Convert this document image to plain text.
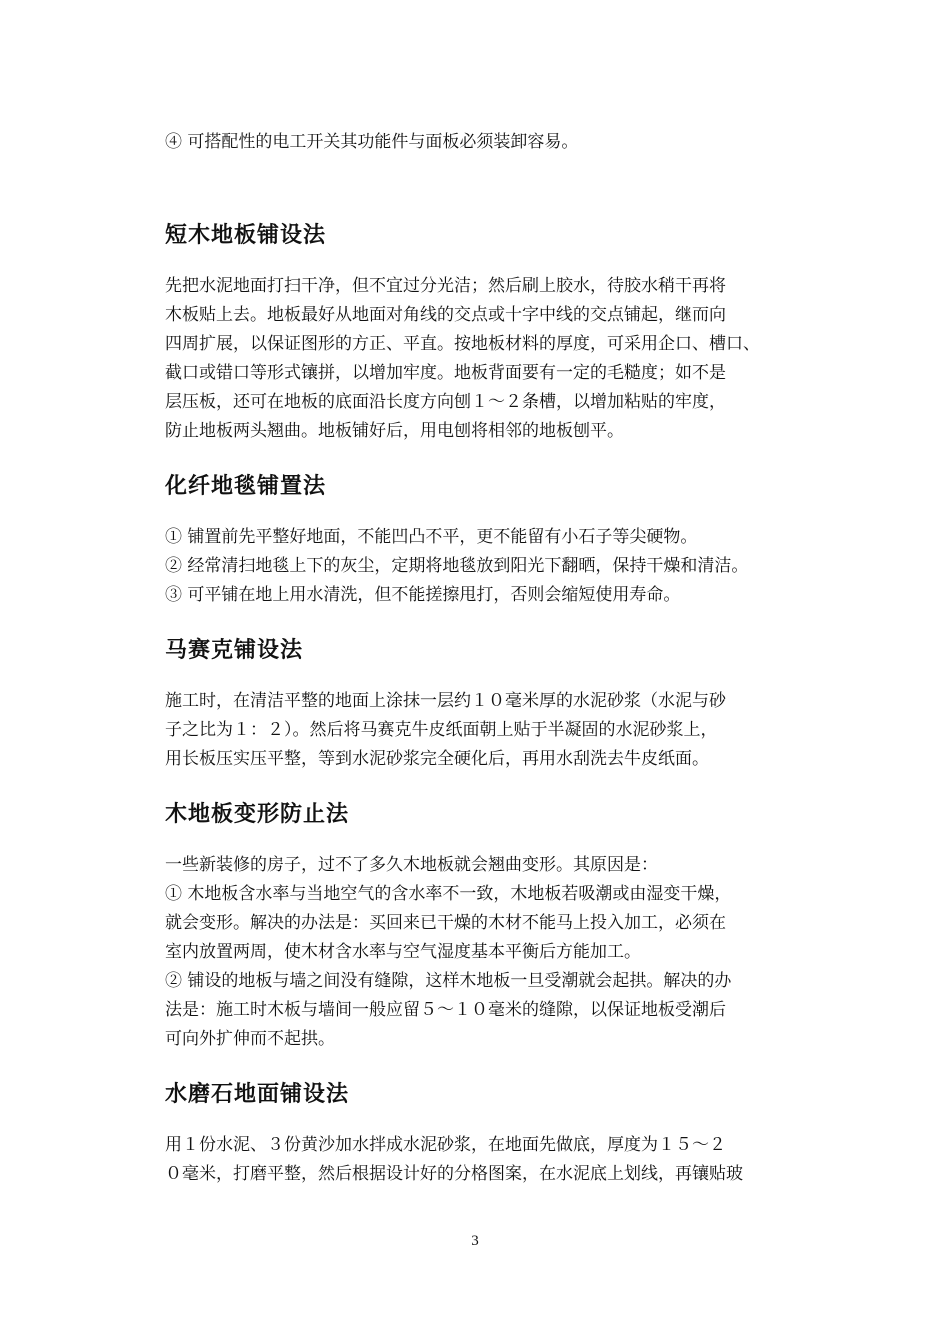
④ 可搭配性的电工开关其功能件与面板必须装卸容易。

短木地板铺设法

先把水泥地面打扫干净，但不宜过分光洁；然后刷上胶水，待胶水稍干再将
木板贴上去。地板最好从地面对角线的交点或十字中线的交点铺起，继而向
四周扩展，以保证图形的方正、平直。按地板材料的厚度，可采用企口、槽口、
截口或错口等形式镶拼，以增加牢度。地板背面要有一定的毛糙度；如不是
层压板，还可在地板的底面沿长度方向刨１～２条槽，以增加粘贴的牢度，
防止地板两头翘曲。地板铺好后，用电刨将相邻的地板刨平。

化纤地毯铺置法

① 铺置前先平整好地面，不能凹凸不平，更不能留有小石子等尖硬物。
② 经常清扫地毯上下的灰尘，定期将地毯放到阳光下翻晒，保持干燥和清洁。
③ 可平铺在地上用水清洗，但不能搓擦甩打，否则会缩短使用寿命。

马赛克铺设法

施工时，在清洁平整的地面上涂抹一层约１０毫米厚的水泥砂浆（水泥与砂
子之比为１：２）。然后将马赛克牛皮纸面朝上贴于半凝固的水泥砂浆上，
用长板压实压平整，等到水泥砂浆完全硬化后，再用水刮洗去牛皮纸面。

木地板变形防止法

一些新装修的房子，过不了多久木地板就会翘曲变形。其原因是：
① 木地板含水率与当地空气的含水率不一致，木地板若吸潮或由湿变干燥，
就会变形。解决的办法是：买回来已干燥的木材不能马上投入加工，必须在
室内放置两周，使木材含水率与空气湿度基本平衡后方能加工。
② 铺设的地板与墙之间没有缝隙，这样木地板一旦受潮就会起拱。解决的办
法是：施工时木板与墙间一般应留５～１０毫米的缝隙，以保证地板受潮后
可向外扩伸而不起拱。

水磨石地面铺设法

用１份水泥、３份黄沙加水拌成水泥砂浆，在地面先做底，厚度为１５～２
０毫米，打磨平整，然后根据设计好的分格图案，在水泥底上划线，再镶贴玻

3
